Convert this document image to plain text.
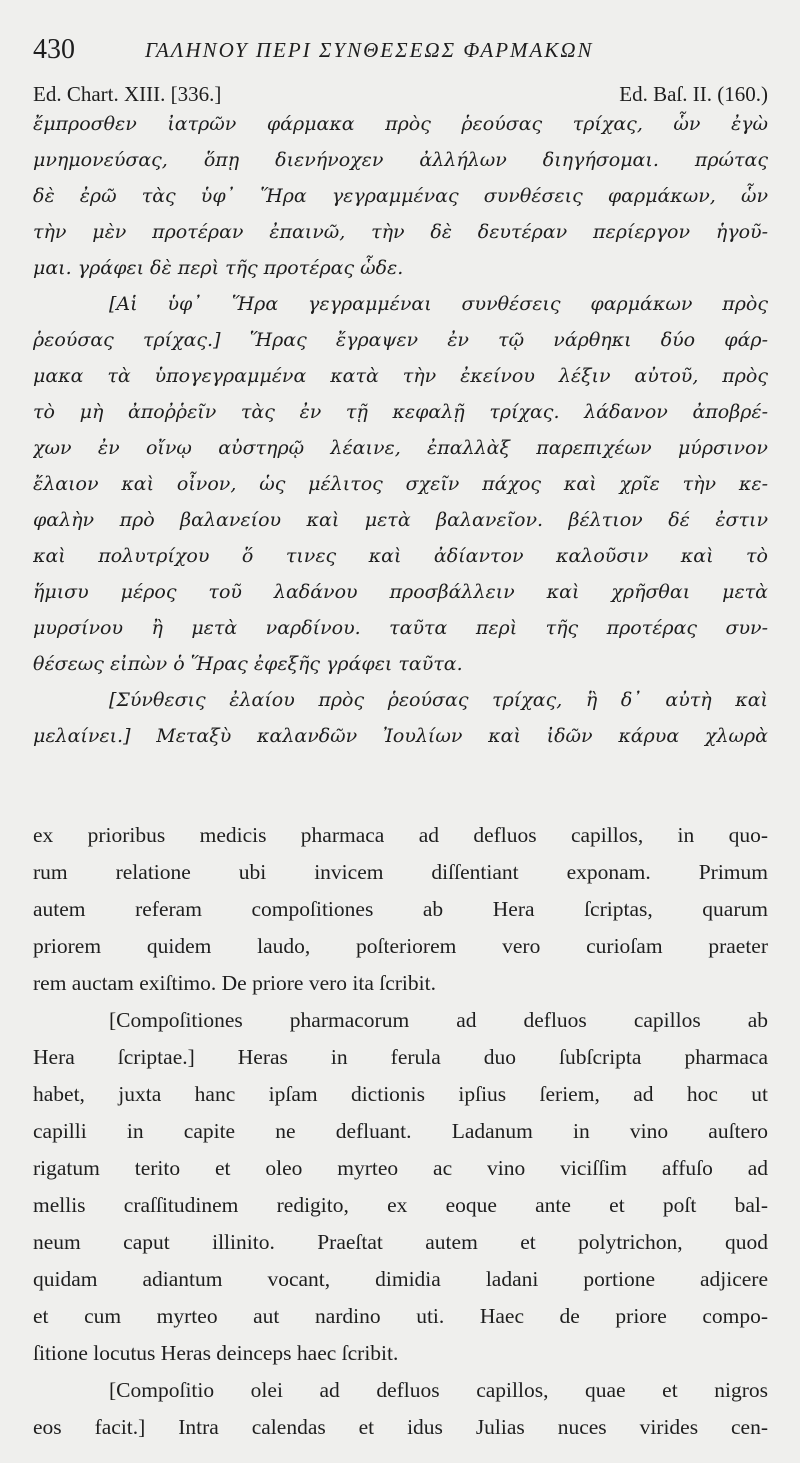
430	ΓΑΛΗΝΟΥ ΠΕΡΙ ΣΥΝΘΕΣΕΩΣ ΦΑΡΜΑΚΩΝ
Ed. Chart. XIII. [336.]	Ed. Baſ. II. (160.)
ἔμπροσθεν ἰατρῶν φάρμακα πρὸς ῥεούσας τρίχας, ὧν ἐγὼ
μνημονεύσας, ὅπῃ διενήνοχεν ἀλλήλων διηγήσομαι. πρώτας
δὲ ἐρῶ τὰς ὑφ᾽ Ἥρα γεγραμμένας συνθέσεις φαρμάκων, ὧν
τὴν μὲν προτέραν ἐπαινῶ, τὴν δὲ δευτέραν περίεργον ἡγοῦ-
μαι. γράφει δὲ περὶ τῆς προτέρας ὧδε.
[Αἱ ὑφ᾽ Ἥρα γεγραμμέναι συνθέσεις φαρμάκων πρὸς
ῥεούσας τρίχας.] Ἥρας ἔγραψεν ἐν τῷ νάρθηκι δύο φάρ-
μακα τὰ ὑπογεγραμμένα κατὰ τὴν ἐκείνου λέξιν αὐτοῦ, πρὸς
τὸ μὴ ἀποῤῥεῖν τὰς ἐν τῇ κεφαλῇ τρίχας. λάδανον ἀποβρέ-
χων ἐν οἴνῳ αὐστηρῷ λέαινε, ἐπαλλὰξ παρεπιχέων μύρσινον
ἔλαιον καὶ οἶνον, ὡς μέλιτος σχεῖν πάχος καὶ χρῖε τὴν κε-
φαλὴν πρὸ βαλανείου καὶ μετὰ βαλανεῖον. βέλτιον δέ ἐστιν
καὶ πολυτρίχου ὅ τινες καὶ ἀδίαντον καλοῦσιν καὶ τὸ
ἥμισυ μέρος τοῦ λαδάνου προσβάλλειν καὶ χρῆσθαι μετὰ
μυρσίνου ἢ μετὰ ναρδίνου. ταῦτα περὶ τῆς προτέρας συν-
θέσεως εἰπὼν ὁ Ἥρας ἐφεξῆς γράφει ταῦτα.
[Σύνθεσις ἐλαίου πρὸς ῥεούσας τρίχας, ἣ δ᾽ αὐτὴ καὶ
μελαίνει.] Μεταξὺ καλανδῶν Ἰουλίων καὶ ἰδῶν κάρυα χλωρὰ
ex prioribus medicis pharmaca ad defluos capillos, in quo-
rum relatione ubi invicem diſſentiant exponam. Primum
autem referam compoſitiones ab Hera ſcriptas, quarum
priorem quidem laudo, poſteriorem vero curioſam praeter
rem auctam exiſtimo. De priore vero ita ſcribit.
[Compoſitiones pharmacorum ad defluos capillos ab
Hera ſcriptae.] Heras in ferula duo ſubſcripta pharmaca
habet, juxta hanc ipſam dictionis ipſius ſeriem, ad hoc ut
capilli in capite ne defluant. Ladanum in vino auſtero
rigatum terito et oleo myrteo ac vino viciſſim affuſo ad
mellis craſſitudinem redigito, ex eoque ante et poſt bal-
neum caput illinito. Praeſtat autem et polytrichon, quod
quidam adiantum vocant, dimidia ladani portione adjicere
et cum myrteo aut nardino uti. Haec de priore compo-
ſitione locutus Heras deinceps haec ſcribit.
[Compoſitio olei ad defluos capillos, quae et nigros
eos facit.] Intra calendas et idus Julias nuces virides cen-
